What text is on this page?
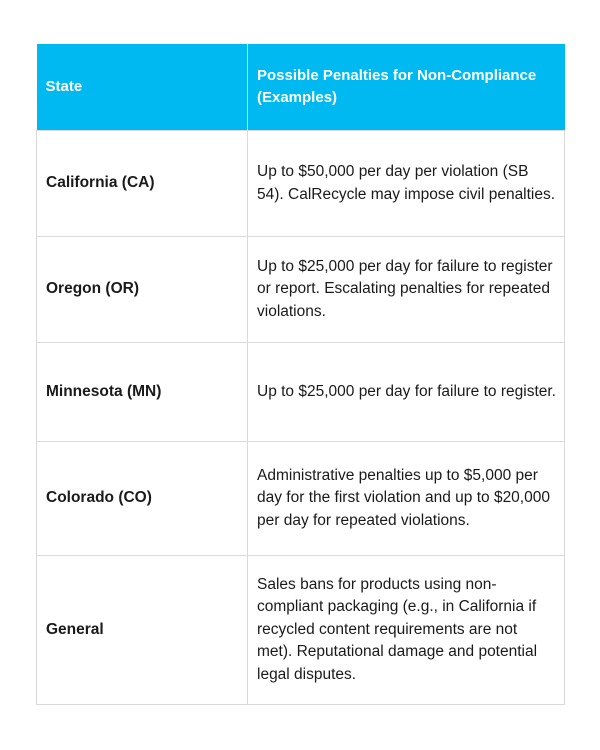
State	Possible Penalties for Non-Compliance (Examples)
California (CA)	Up to $50,000 per day per violation (SB 54). CalRecycle may impose civil penalties.
Oregon (OR)	Up to $25,000 per day for failure to register or report. Escalating penalties for repeated violations.
Minnesota (MN)	Up to $25,000 per day for failure to register.
Colorado (CO)	Administrative penalties up to $5,000 per day for the first violation and up to $20,000 per day for repeated violations.
General	Sales bans for products using non-compliant packaging (e.g., in California if recycled content requirements are not met). Reputational damage and potential legal disputes.
